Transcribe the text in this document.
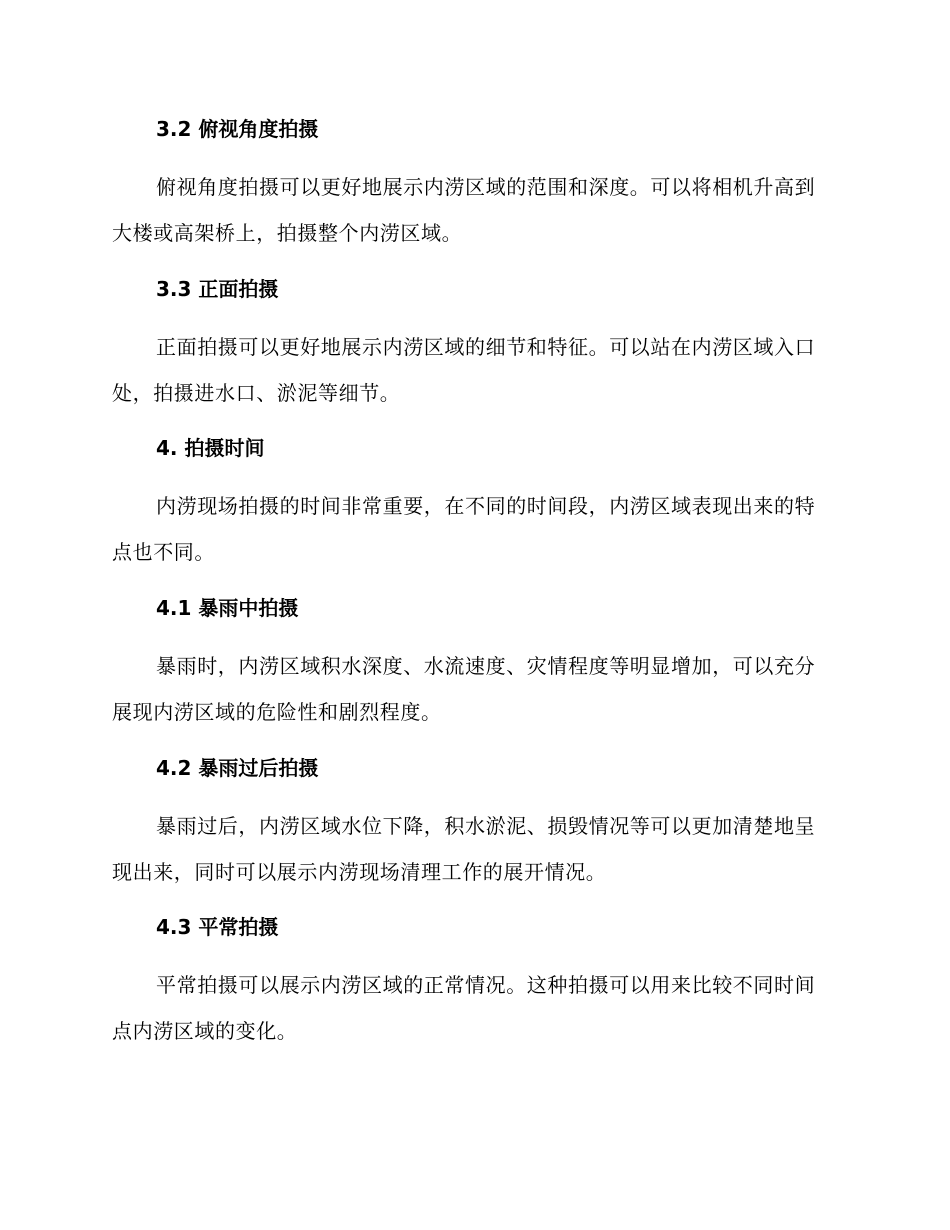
3.2 俯视角度拍摄
俯视角度拍摄可以更好地展示内涝区域的范围和深度。可以将相机升高到大楼或高架桥上，拍摄整个内涝区域。
3.3 正面拍摄
正面拍摄可以更好地展示内涝区域的细节和特征。可以站在内涝区域入口处，拍摄进水口、淤泥等细节。
4. 拍摄时间
内涝现场拍摄的时间非常重要，在不同的时间段，内涝区域表现出来的特点也不同。
4.1 暴雨中拍摄
暴雨时，内涝区域积水深度、水流速度、灾情程度等明显增加，可以充分展现内涝区域的危险性和剧烈程度。
4.2 暴雨过后拍摄
暴雨过后，内涝区域水位下降，积水淤泥、损毁情况等可以更加清楚地呈现出来，同时可以展示内涝现场清理工作的展开情况。
4.3 平常拍摄
平常拍摄可以展示内涝区域的正常情况。这种拍摄可以用来比较不同时间点内涝区域的变化。
